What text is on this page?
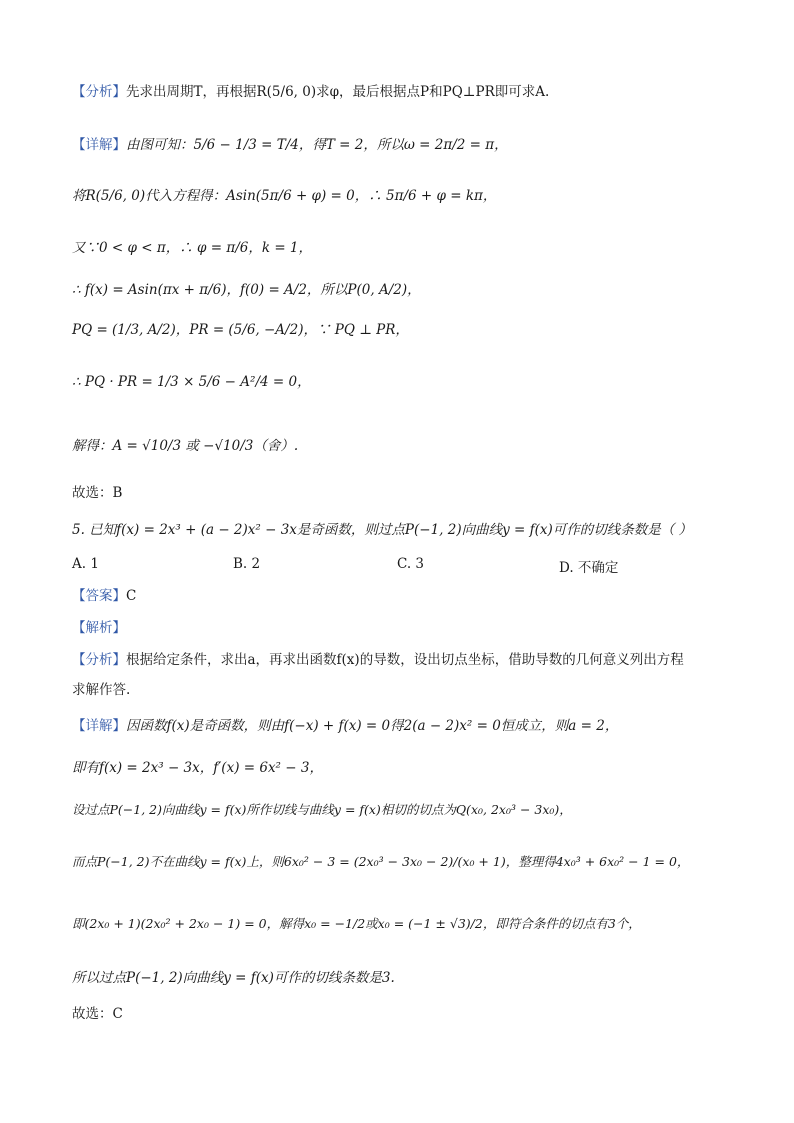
【分析】先求出周期T，再根据R(5/6, 0)求φ，最后根据点P和PQ⊥PR即可求A.
【详解】由图可知：5/6 − 1/3 = T/4，得T = 2，所以ω = 2π/2 = π，
将R(5/6, 0)代入方程得：Asin(5π/6 + φ) = 0，∴ 5π/6 + φ = kπ，
又∵0 < φ < π，∴ φ = π/6，k = 1，
∴ f(x) = Asin(πx + π/6)，f(0) = A/2，所以P(0, A/2)，
PQ = (1/3, A/2)，PR = (5/6, −A/2)，∵ PQ ⊥ PR，
∴ PQ · PR = 1/3 × 5/6 − A²/4 = 0，
解得：A = √10/3 或 −√10/3（舍）.
故选：B
5. 已知f(x) = 2x³ + (a − 2)x² − 3x是奇函数，则过点P(−1, 2)向曲线y = f(x)可作的切线条数是（ ）
A. 1	B. 2	C. 3	D. 不确定
【答案】C
【解析】
【分析】根据给定条件，求出a，再求出函数f(x)的导数，设出切点坐标，借助导数的几何意义列出方程
求解作答.
【详解】因函数f(x)是奇函数，则由f(−x) + f(x) = 0得2(a − 2)x² = 0恒成立，则a = 2，
即有f(x) = 2x³ − 3x，f′(x) = 6x² − 3，
设过点P(−1, 2)向曲线y = f(x)所作切线与曲线y = f(x)相切的切点为Q(x₀, 2x₀³ − 3x₀)，
而点P(−1, 2)不在曲线y = f(x)上，则6x₀² − 3 = (2x₀³ − 3x₀ − 2)/(x₀ + 1)，整理得4x₀³ + 6x₀² − 1 = 0，
即(2x₀ + 1)(2x₀² + 2x₀ − 1) = 0，解得x₀ = −1/2或x₀ = (−1 ± √3)/2，即符合条件的切点有3个，
所以过点P(−1, 2)向曲线y = f(x)可作的切线条数是3.
故选：C
